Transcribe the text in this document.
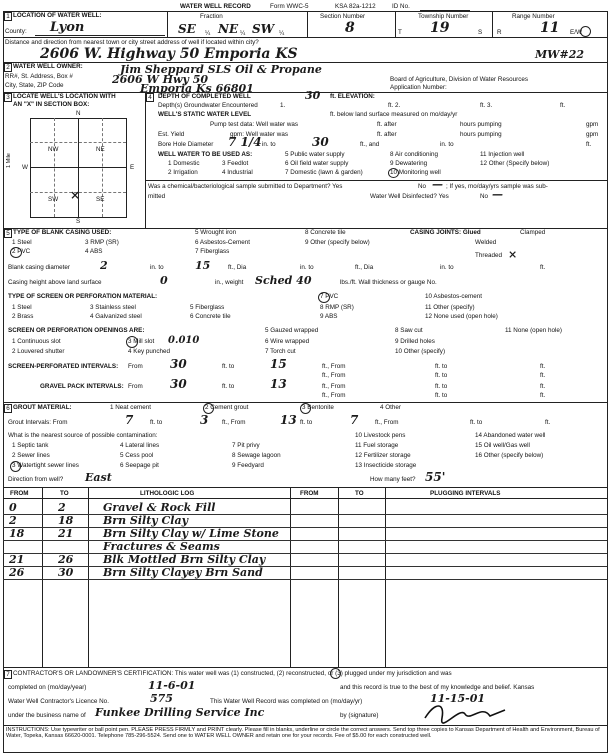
WATER WELL RECORD	Form WWC-5	KSA 82a-1212	ID No.
1 LOCATION OF WATER WELL:
County: Lyon
Fraction
SE ¼ NE ¼ SW ¼
Section Number
8
Township Number
T 19	S
Range Number
R	11 E/W
Distance and direction from nearest town or city street address of well if located within city?
2606 W. Highway 50 Emporia KS	MW#22
2 WATER WELL OWNER:	Jim Sheppard SLS Oil & Propane
RR#, St. Address, Box #	2606 W Hwy 50
City, State, ZIP Code	Emporia Ks 66801
Board of Agriculture, Division of Water Resources
Application Number:
3 LOCATE WELL'S LOCATION WITH
AN "X" IN SECTION BOX:
N
S
W	E
NW	NE
SW	SE
×
1 Mile
4 DEPTH OF COMPLETED WELL	30 ft. ELEVATION:
Depth(s) Groundwater Encountered	1.	ft. 2.	ft. 3.	ft.
WELL'S STATIC WATER LEVEL	ft. below land surface measured on mo/day/yr
Pump test data: Well water was	ft. after	hours pumping	gpm
Est. Yield	gpm: Well water was	ft. after	hours pumping	gpm
Bore Hole Diameter 7 1/4 in. to	30	ft., and	in. to	ft.
WELL WATER TO BE USED AS:	5 Public water supply	8 Air conditioning	11 Injection well
1 Domestic	3 Feedlot	6 Oil field water supply	9 Dewatering	12 Other (Specify below)
2 Irrigation	4 Industrial	7 Domestic (lawn & garden)	10 Monitoring well
Was a chemical/bacteriological sample submitted to Department? Yes	No — ; If yes, mo/day/yrs sample was sub-
mitted	Water Well Disinfected? Yes	No —
5 TYPE OF BLANK CASING USED:
1 Steel
2 PVC
3 RMP (SR)
4 ABS
5 Wrought iron
6 Asbestos-Cement
7 Fiberglass
8 Concrete tile
9 Other (specify below)
CASING JOINTS: Glued	Clamped
Welded
Threaded ×
Blank casing diameter	2	in. to	15	ft., Dia	in. to	ft., Dia	in. to	ft.
Casing height above land surface	0	in., weight Sched 40	lbs./ft. Wall thickness or gauge No.
TYPE OF SCREEN OR PERFORATION MATERIAL:
1 Steel	3 Stainless steel	5 Fiberglass
7 PVC	10 Asbestos-cement
2 Brass	4 Galvanized steel	6 Concrete tile
8 RMP (SR)	11 Other (specify)
9 ABS	12 None used (open hole)
SCREEN OR PERFORATION OPENINGS ARE:
1 Continuous slot	3 Mill slot 0.010
5 Gauzed wrapped	8 Saw cut	11 None (open hole)
2 Louvered shutter	4 Key punched
6 Wire wrapped	9 Drilled holes
7 Torch cut	10 Other (specify)
SCREEN-PERFORATED INTERVALS: From 30	ft. to	15	ft., From	ft. to	ft.
ft., From	ft. to	ft.
GRAVEL PACK INTERVALS: From 30	ft. to	13	ft., From	ft. to	ft.
ft., From	ft. to	ft.
6 GROUT MATERIAL:	1 Neat cement	2 Cement grout	3 Bentonite	4 Other
Grout Intervals: From	7	ft. to	3 ft., From	13 ft. to	7	ft., From	ft. to	ft.
What is the nearest source of possible contamination:	10 Livestock pens	14 Abandoned water well
1 Septic tank	4 Lateral lines	7 Pit privy	11 Fuel storage	15 Oil well/Gas well
2 Sewer lines	5 Cess pool	8 Sewage lagoon	12 Fertilizer storage	16 Other (specify below)
3 Watertight sewer lines	6 Seepage pit	9 Feedyard	13 Insecticide storage
Direction from well? East	How many feet? 55'
FROM	TO	LITHOLOGIC LOG	FROM	TO	PLUGGING INTERVALS
0	2	Gravel & Rock Fill
2	18	Brn Silty Clay
18	21	Brn Silty Clay w/ Lime Stone
Fractures & Seams
21	26	Blk Mottled Brn Silty Clay
26	30	Brn Silty Clayey Brn Sand
7 CONTRACTOR'S OR LANDOWNER'S CERTIFICATION: This water well was (1) constructed, (2) reconstructed, or (3) plugged under my jurisdiction and was
completed on (mo/day/year)	11-6-01	and this record is true to the best of my knowledge and belief. Kansas
Water Well Contractor's Licence No.	575	This Water Well Record was completed on (mo/day/yr)	11-15-01
under the business name of Funkee Drilling Service Inc	by (signature)
INSTRUCTIONS: Use typewriter or ball point pen. PLEASE PRESS FIRMLY and PRINT clearly. Please fill in blanks, underline or circle the correct answers. Send top three copies to Kansas Department of Health and Environment, Bureau of Water, Topeka, Kansas 66620-0001. Telephone 785-296-5524. Send one to WATER WELL OWNER and retain one for your records. Fee of $5.00 for each constructed well.
